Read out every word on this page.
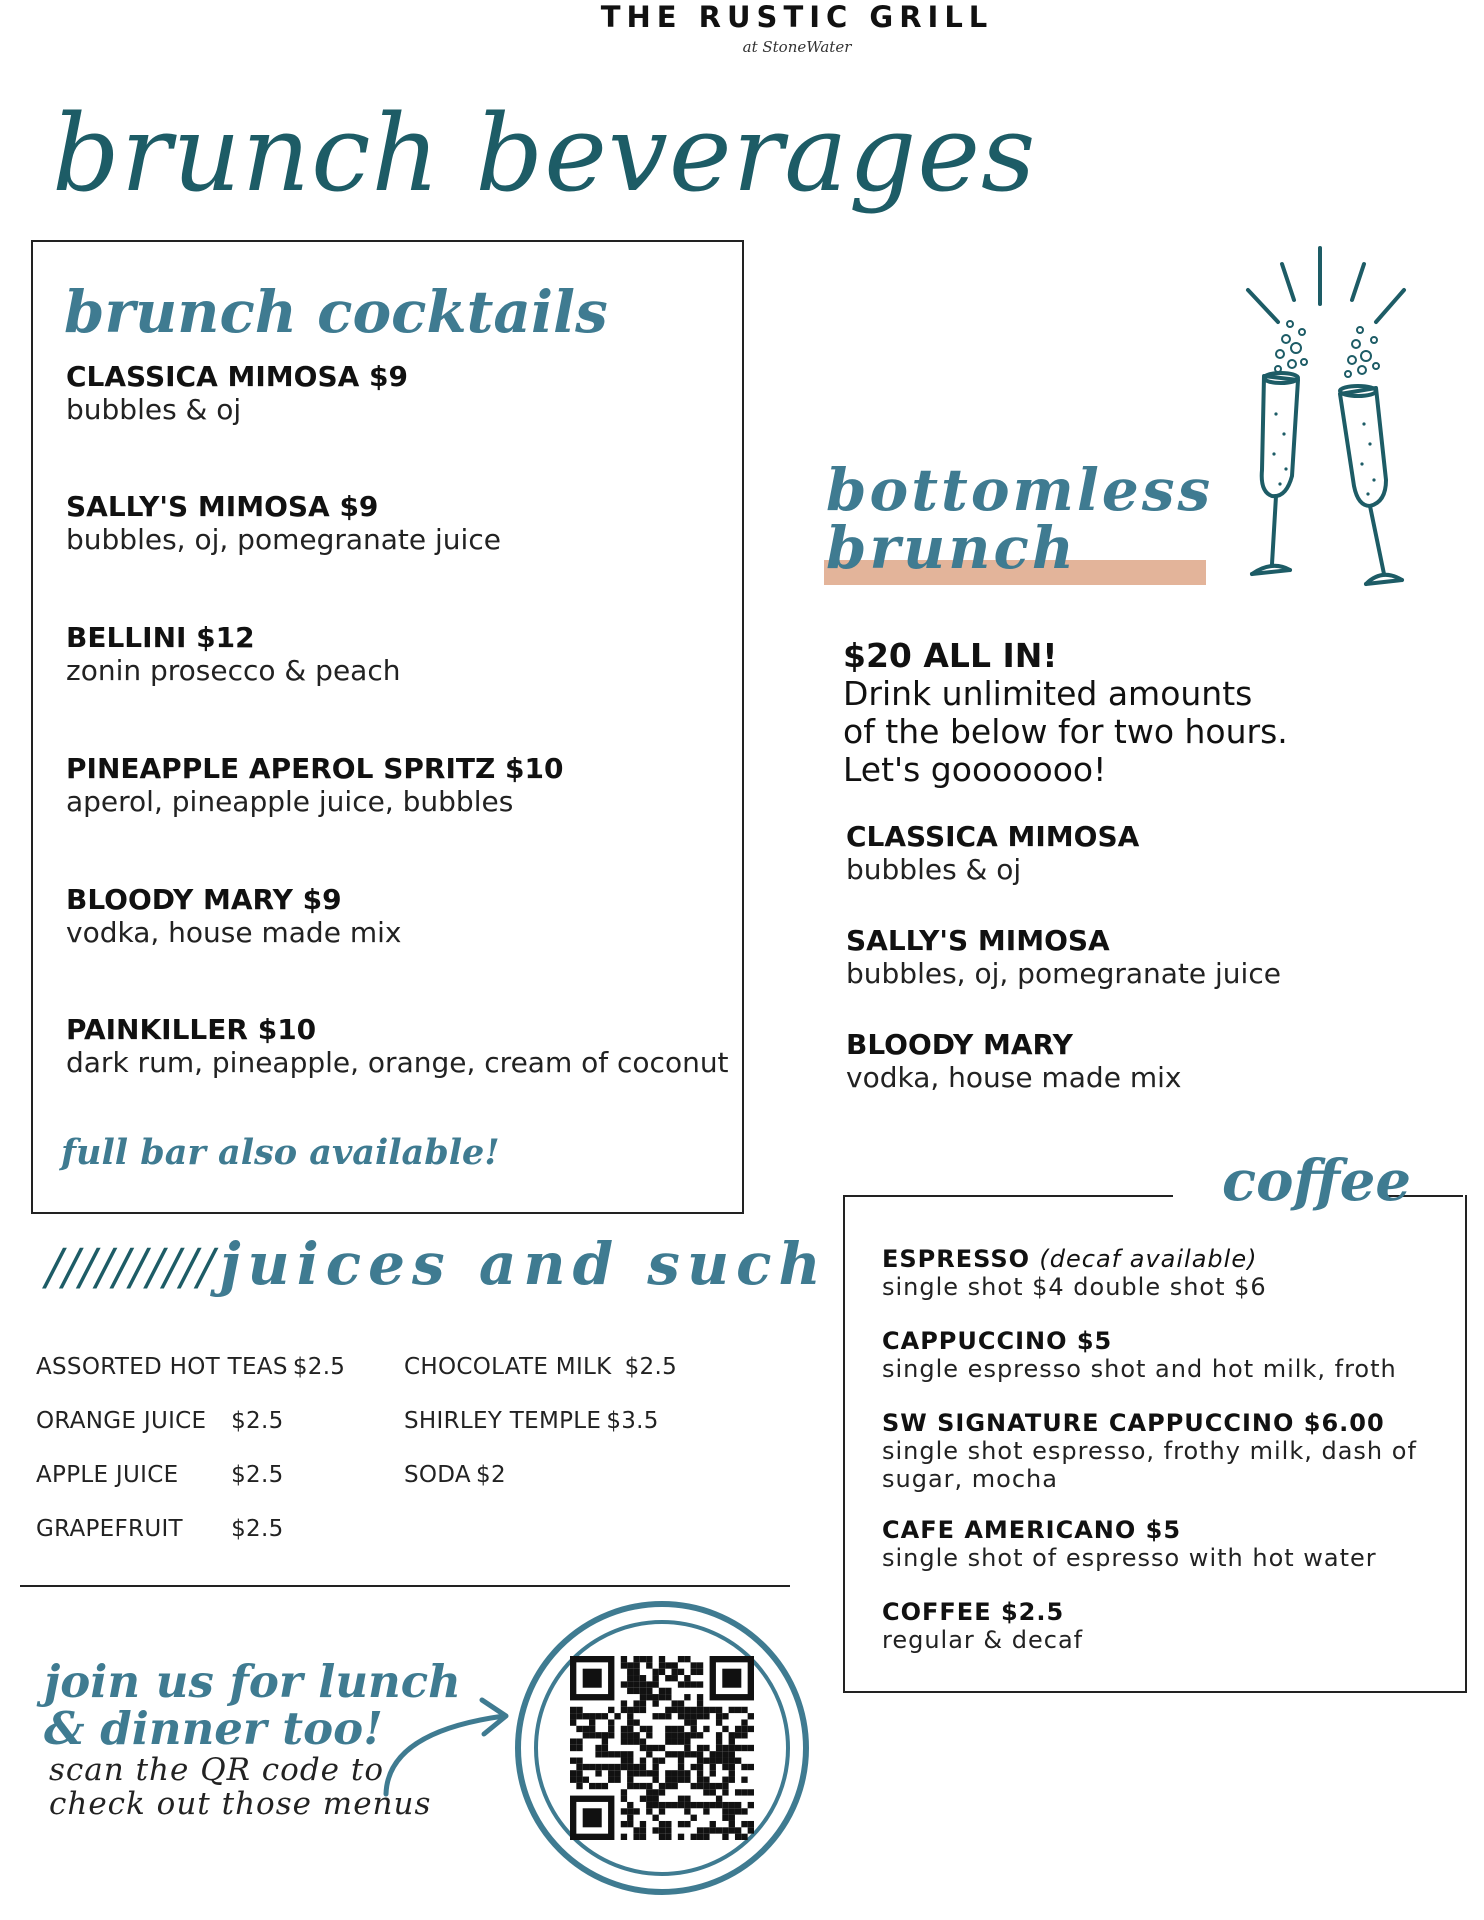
THE RUSTIC GRILL
at StoneWater
brunch beverages
brunch cocktails
CLASSICA MIMOSA $9
bubbles & oj
SALLY'S MIMOSA $9
bubbles, oj, pomegranate juice
BELLINI $12
zonin prosecco & peach
PINEAPPLE APEROL SPRITZ $10
aperol, pineapple juice, bubbles
BLOODY MARY $9
vodka, house made mix
PAINKILLER $10
dark rum, pineapple, orange, cream of coconut
full bar also available!
bottomless
brunch
$20 ALL IN!
Drink unlimited amounts
of the below for two hours.
Let's gooooooo!
CLASSICA MIMOSA
bubbles & oj
SALLY'S MIMOSA
bubbles, oj, pomegranate juice
BLOODY MARY
vodka, house made mix
////////// juices and such
ASSORTED HOT TEAS $2.5
ORANGE JUICE $2.5
APPLE JUICE $2.5
GRAPEFRUIT $2.5
CHOCOLATE MILK $2.5
SHIRLEY TEMPLE $3.5
SODA $2
coffee
ESPRESSO (decaf available)
single shot $4 double shot $6
CAPPUCCINO $5
single espresso shot and hot milk, froth
SW SIGNATURE CAPPUCCINO $6.00
single shot espresso, frothy milk, dash of
sugar, mocha
CAFE AMERICANO $5
single shot of espresso with hot water
COFFEE $2.5
regular & decaf
join us for lunch
& dinner too!
scan the QR code to
check out those menus
